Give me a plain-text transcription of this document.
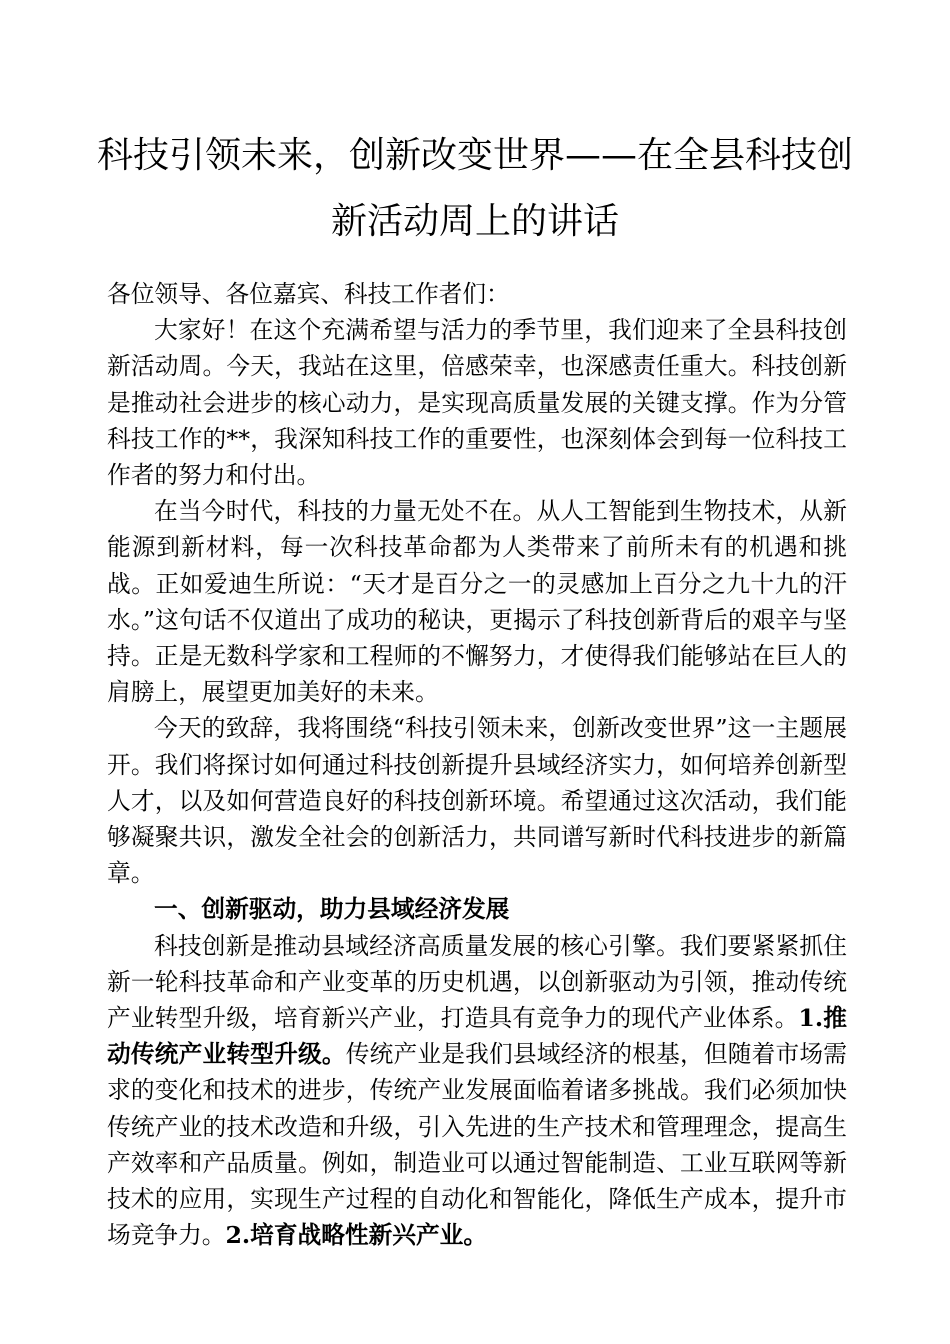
科技引领未来，创新改变世界——在全县科技创
新活动周上的讲话

各位领导、各位嘉宾、科技工作者们：

大家好！在这个充满希望与活力的季节里，我们迎来了全县科技创新活动周。今天，我站在这里，倍感荣幸，也深感责任重大。科技创新是推动社会进步的核心动力，是实现高质量发展的关键支撑。作为分管科技工作的**，我深知科技工作的重要性，也深刻体会到每一位科技工作者的努力和付出。

在当今时代，科技的力量无处不在。从人工智能到生物技术，从新能源到新材料，每一次科技革命都为人类带来了前所未有的机遇和挑战。正如爱迪生所说：“天才是百分之一的灵感加上百分之九十九的汗水。”这句话不仅道出了成功的秘诀，更揭示了科技创新背后的艰辛与坚持。正是无数科学家和工程师的不懈努力，才使得我们能够站在巨人的肩膀上，展望更加美好的未来。

今天的致辞，我将围绕“科技引领未来，创新改变世界”这一主题展开。我们将探讨如何通过科技创新提升县域经济实力，如何培养创新型人才，以及如何营造良好的科技创新环境。希望通过这次活动，我们能够凝聚共识，激发全社会的创新活力，共同谱写新时代科技进步的新篇章。

一、创新驱动，助力县域经济发展

科技创新是推动县域经济高质量发展的核心引擎。我们要紧紧抓住新一轮科技革命和产业变革的历史机遇，以创新驱动为引领，推动传统产业转型升级，培育新兴产业，打造具有竞争力的现代产业体系。1.推动传统产业转型升级。传统产业是我们县域经济的根基，但随着市场需求的变化和技术的进步，传统产业发展面临着诸多挑战。我们必须加快传统产业的技术改造和升级，引入先进的生产技术和管理理念，提高生产效率和产品质量。例如，制造业可以通过智能制造、工业互联网等新技术的应用，实现生产过程的自动化和智能化，降低生产成本，提升市场竞争力。2.培育战略性新兴产业。
